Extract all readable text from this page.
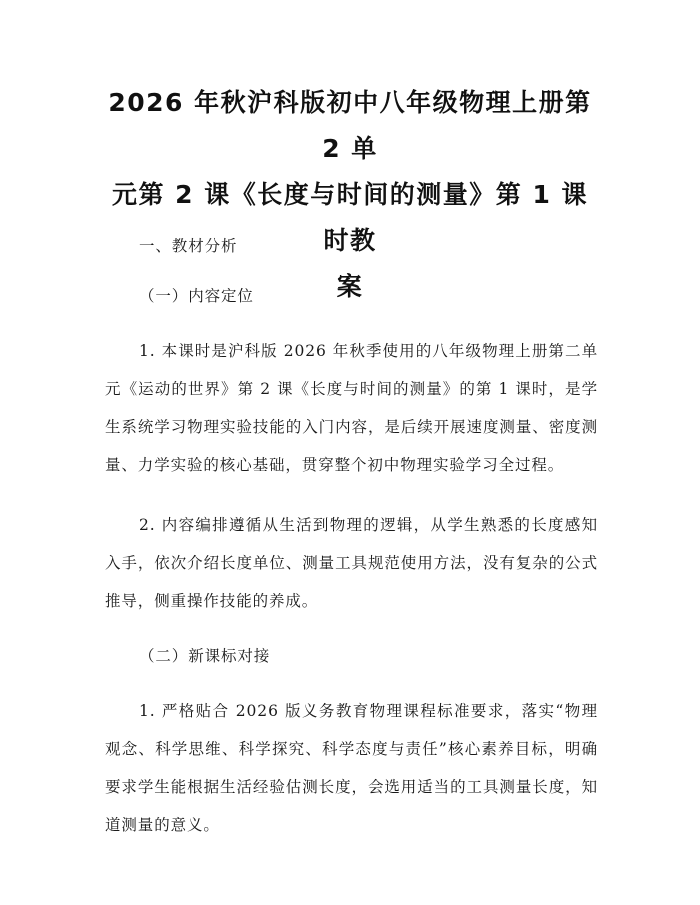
2026 年秋沪科版初中八年级物理上册第 2 单
元第 2 课《长度与时间的测量》第 1 课时教
案

一、教材分析

（一）内容定位

1. 本课时是沪科版 2026 年秋季使用的八年级物理上册第二单元《运动的世界》第 2 课《长度与时间的测量》的第 1 课时，是学生系统学习物理实验技能的入门内容，是后续开展速度测量、密度测量、力学实验的核心基础，贯穿整个初中物理实验学习全过程。

2. 内容编排遵循从生活到物理的逻辑，从学生熟悉的长度感知入手，依次介绍长度单位、测量工具规范使用方法，没有复杂的公式推导，侧重操作技能的养成。

（二）新课标对接

1. 严格贴合 2026 版义务教育物理课程标准要求，落实“物理观念、科学思维、科学探究、科学态度与责任”核心素养目标，明确要求学生能根据生活经验估测长度，会选用适当的工具测量长度，知道测量的意义。
